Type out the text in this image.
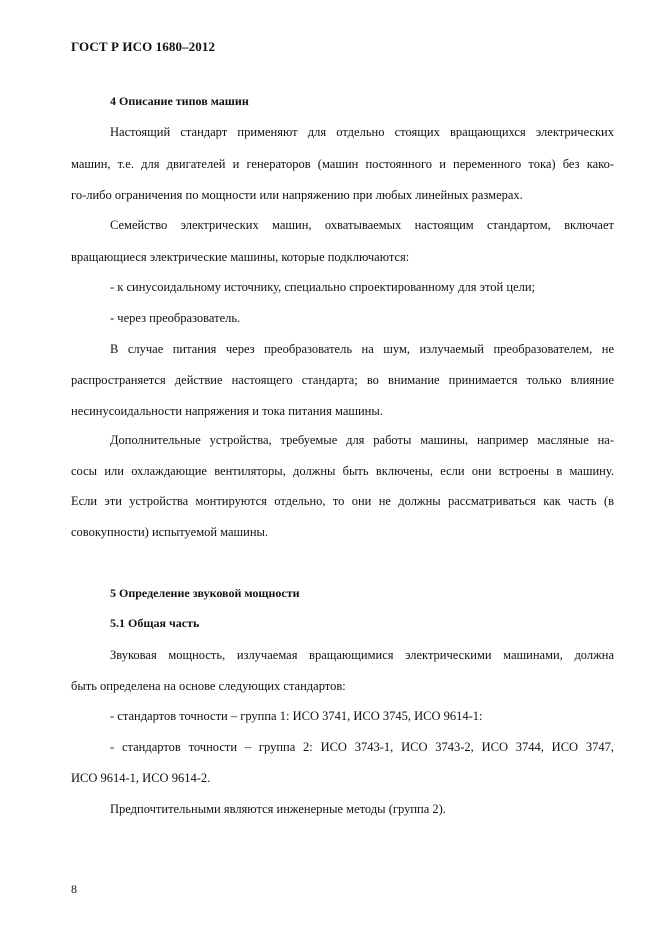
ГОСТ Р ИСО 1680–2012
4 Описание типов машин
Настоящий стандарт применяют для отдельно стоящих вращающихся электрических
машин, т.е. для двигателей и генераторов (машин постоянного и переменного тока) без како-
го-либо ограничения по мощности или напряжению при любых линейных размерах.
Семейство электрических машин, охватываемых настоящим стандартом, включает
вращающиеся электрические машины, которые подключаются:
- к синусоидальному источнику, специально спроектированному для этой цели;
- через преобразователь.
В случае питания через преобразователь на шум, излучаемый преобразователем, не
распространяется действие настоящего стандарта; во внимание принимается только влияние
несинусоидальности напряжения и тока питания машины.
Дополнительные устройства, требуемые для работы машины, например масляные на-
сосы или охлаждающие вентиляторы, должны быть включены, если они встроены в машину.
Если эти устройства монтируются отдельно, то они не должны рассматриваться как часть (в
совокупности) испытуемой машины.
5 Определение звуковой мощности
5.1 Общая часть
Звуковая мощность, излучаемая вращающимися электрическими машинами, должна
быть определена на основе следующих стандартов:
- стандартов точности – группа 1: ИСО 3741, ИСО 3745, ИСО 9614-1:
- стандартов точности – группа 2: ИСО 3743-1, ИСО 3743-2, ИСО 3744, ИСО 3747,
ИСО 9614-1, ИСО 9614-2.
Предпочтительными являются инженерные методы (группа 2).
8
